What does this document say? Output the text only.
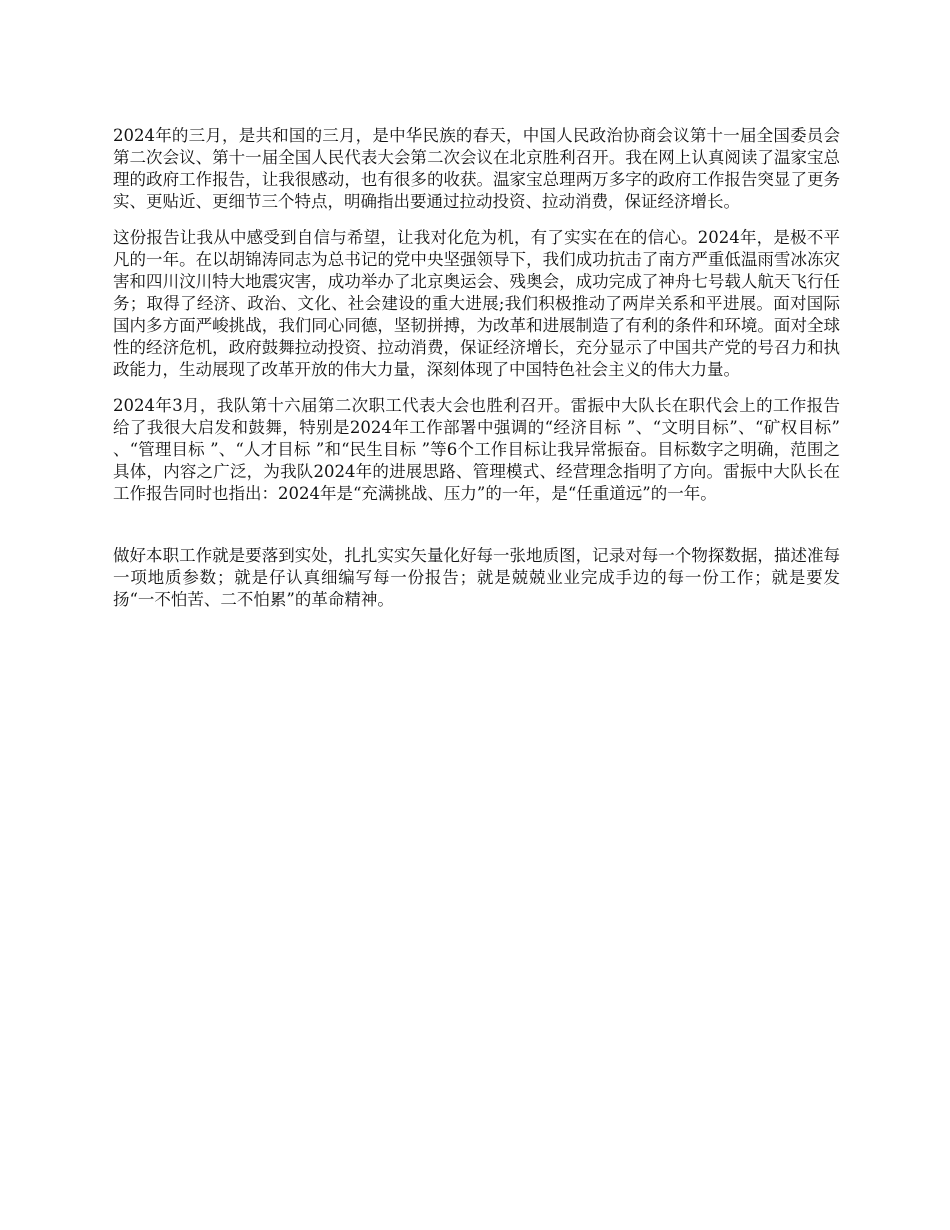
2024年的三月，是共和国的三月，是中华民族的春天，中国人民政治协商会议第十一届全国委员会第二次会议、第十一届全国人民代表大会第二次会议在北京胜利召开。我在网上认真阅读了温家宝总理的政府工作报告，让我很感动，也有很多的收获。温家宝总理两万多字的政府工作报告突显了更务实、更贴近、更细节三个特点，明确指出要通过拉动投资、拉动消费，保证经济增长。

这份报告让我从中感受到自信与希望，让我对化危为机，有了实实在在的信心。2024年，是极不平凡的一年。在以胡锦涛同志为总书记的党中央坚强领导下，我们成功抗击了南方严重低温雨雪冰冻灾害和四川汶川特大地震灾害，成功举办了北京奥运会、残奥会，成功完成了神舟七号载人航天飞行任务；取得了经济、政治、文化、社会建设的重大进展;我们积极推动了两岸关系和平进展。面对国际国内多方面严峻挑战，我们同心同德，坚韧拼搏，为改革和进展制造了有利的条件和环境。面对全球性的经济危机，政府鼓舞拉动投资、拉动消费，保证经济增长，充分显示了中国共产党的号召力和执政能力，生动展现了改革开放的伟大力量，深刻体现了中国特色社会主义的伟大力量。

2024年3月，我队第十六届第二次职工代表大会也胜利召开。雷振中大队长在职代会上的工作报告给了我很大启发和鼓舞，特别是2024年工作部署中强调的“经济目标 ”、“文明目标”、“矿权目标” 、“管理目标 ”、“人才目标 ”和“民生目标 ”等6个工作目标让我异常振奋。目标数字之明确，范围之具体，内容之广泛，为我队2024年的进展思路、管理模式、经营理念指明了方向。雷振中大队长在工作报告同时也指出：2024年是“充满挑战、压力”的一年，是“任重道远”的一年。

做好本职工作就是要落到实处，扎扎实实矢量化好每一张地质图，记录对每一个物探数据，描述准每一项地质参数；就是仔认真细编写每一份报告；就是兢兢业业完成手边的每一份工作；就是要发扬“一不怕苦、二不怕累”的革命精神。
